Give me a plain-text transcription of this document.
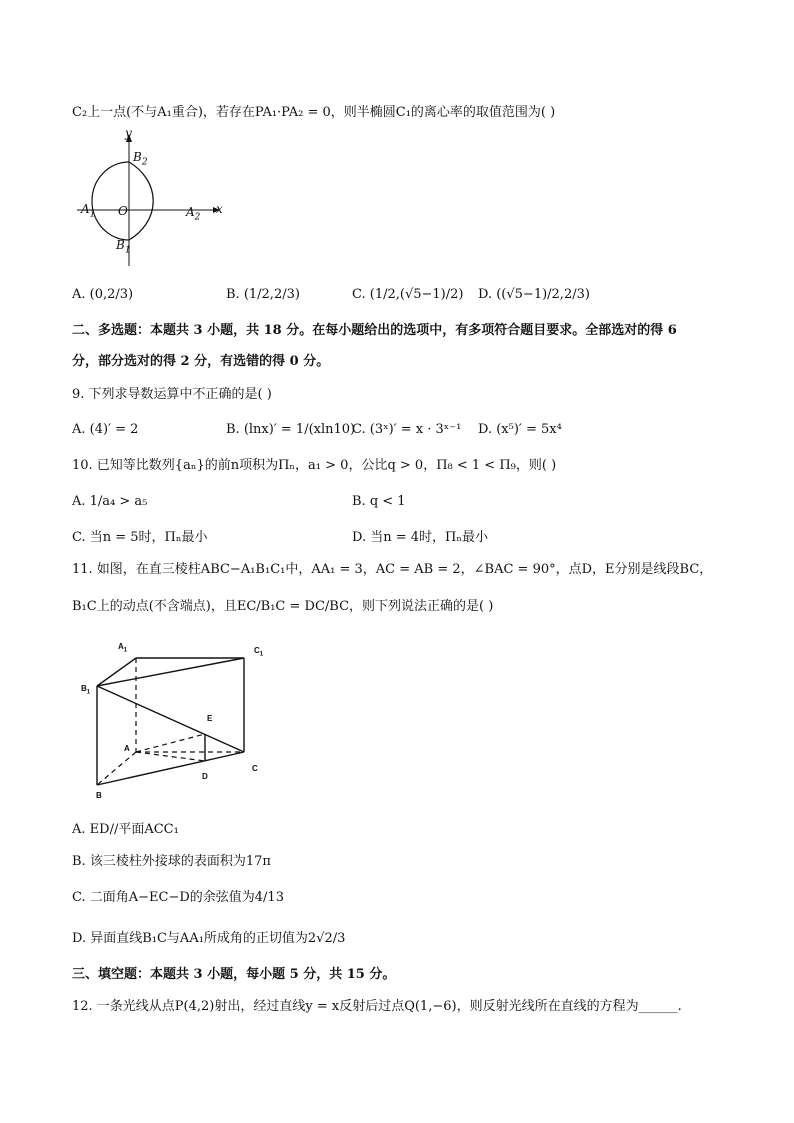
C₂上一点(不与A₁重合)，若存在PA₁·PA₂ = 0，则半椭圆C₁的离心率的取值范围为( )
y
x
O
$A_1$	$A_2$
$B_2$
$B_1$
A. (0,2/3)	B. (1/2,2/3)	C. (1/2,(√5−1)/2) D. ((√5−1)/2,2/3)
二、多选题：本题共 3 小题，共 18 分。在每小题给出的选项中，有多项符合题目要求。全部选对的得 6
分，部分选对的得 2 分，有选错的得 0 分。
9. 下列求导数运算中不正确的是( )
A. (4)′ = 2	B. (lnx)′ = 1/(xln10)
C. (3ˣ)′ = x · 3ˣ⁻¹ D. (x⁵)′ = 5x⁴
10. 已知等比数列{aₙ}的前n项积为Πₙ，a₁ > 0，公比q > 0，Π₈ < 1 < Π₉，则( )
A. 1/a₄ > a₅	B. q < 1
C. 当n = 5时，Πₙ最小	D. 当n = 4时，Πₙ最小
11. 如图，在直三棱柱ABC−A₁B₁C₁中，AA₁ = 3，AC = AB = 2，∠BAC = 90°，点D，E分别是线段BC，
B₁C上的动点(不含端点)，且EC/B₁C = DC/BC，则下列说法正确的是( )
$A_1$	$C_1$
$B_1$
A
B
C
D
E
A. ED//平面ACC₁
B. 该三棱柱外接球的表面积为17π
C. 二面角A−EC−D的余弦值为4/13
D. 异面直线B₁C与AA₁所成角的正切值为2√2/3
三、填空题：本题共 3 小题，每小题 5 分，共 15 分。
12. 一条光线从点P(4,2)射出，经过直线y = x反射后过点Q(1,−6)，则反射光线所在直线的方程为______.
